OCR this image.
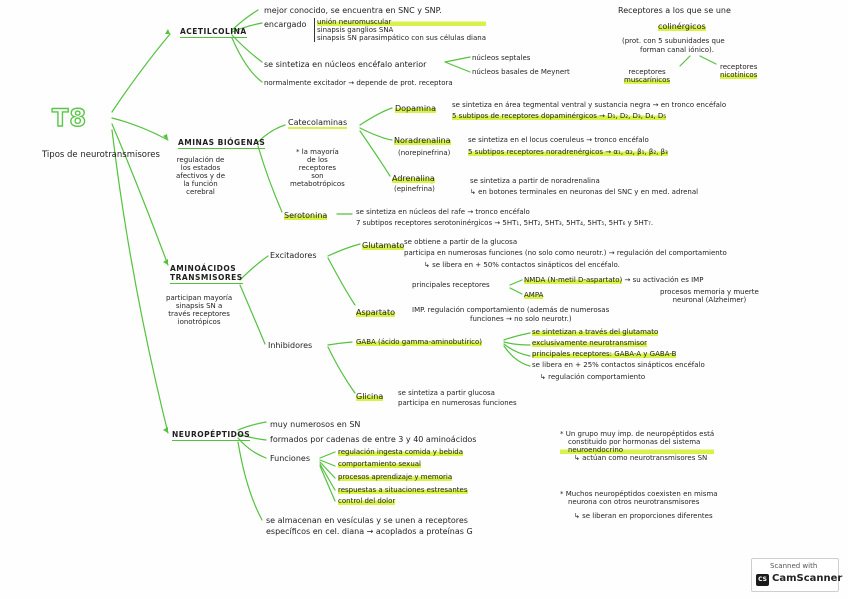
T8
Tipos de neurotransmisores
ACETILCOLINA
mejor conocido, se encuentra en SNC y SNP.
encargado unión neuromuscular
sinapsis ganglios SNA
sinapsis SN parasimpático con sus células diana
se sintetiza en núcleos encéfalo anterior
núcleos septales
núcleos basales de Meynert
normalmente excitador → depende de prot. receptora
Receptores a los que se une
colinérgicos
(prot. con 5 subunidades que
forman canal iónico).
receptores
muscarínicos
receptores
nicotínicos
AMINAS BIÓGENAS
regulación de
los estados
afectivos y de
la función
cerebral
Catecolaminas
* la mayoría
de los
receptores
son
metabotrópicos
Dopamina se sintetiza en área tegmental ventral y sustancia negra → en tronco encéfalo
5 subtipos de receptores dopaminérgicos → D₁, D₂, D₃, D₄, D₅
Noradrenalina
(norepinefrina)
se sintetiza en el locus coeruleus → tronco encéfalo
5 subtipos receptores noradrenérgicos → α₁, α₂, β₁, β₂, β₃
Adrenalina
(epinefrina)
se sintetiza a partir de noradrenalina
↳ en botones terminales en neuronas del SNC y en med. adrenal
Serotonina	se sintetiza en núcleos del rafe → tronco encéfalo
7 subtipos receptores serotoninérgicos → 5HT₁, 5HT₂, 5HT₃, 5HT₄, 5HT₅, 5HT₆ y 5HT₇.
AMINOÁCIDOS
TRANSMISORES
participan mayoría
sinapsis SN a
través receptores
ionotrópicos
Excitadores
Glutamato se obtiene a partir de la glucosa
participa en numerosas funciones (no solo como neurotr.) → regulación del comportamiento
↳ se libera en + 50% contactos sinápticos del encéfalo.
principales receptores
NMDA (N-metil D-aspartato) → su activación es IMP
procesos memoria y muerte
neuronal (Alzheimer)
AMPA
Aspartato IMP. regulación comportamiento (además de numerosas
funciones → no solo neurotr.)
Inhibidores	GABA (ácido gamma-aminobutírico)
se sintetizan a través del glutamato
exclusivamente neurotransmisor
principales receptores: GABA-A y GABA-B
se libera en + 25% contactos sinápticos encéfalo
↳ regulación comportamiento
Glicina se sintetiza a partir glucosa
participa en numerosas funciones
NEUROPÉPTIDOS
muy numerosos en SN
formados por cadenas de entre 3 y 40 aminoácidos
Funciones
regulación ingesta comida y bebida
comportamiento sexual
procesos aprendizaje y memoria
respuestas a situaciones estresantes
control del dolor
se almacenan en vesículas y se unen a receptores
específicos en cel. diana → acoplados a proteínas G
* Un grupo muy imp. de neuropéptidos está
constituido por hormonas del sistema
neuroendocrino
↳ actúan como neurotransmisores SN
* Muchos neuropéptidos coexisten en misma
neurona con otros neurotransmisores
↳ se liberan en proporciones diferentes
Scanned with
CS CamScanner
